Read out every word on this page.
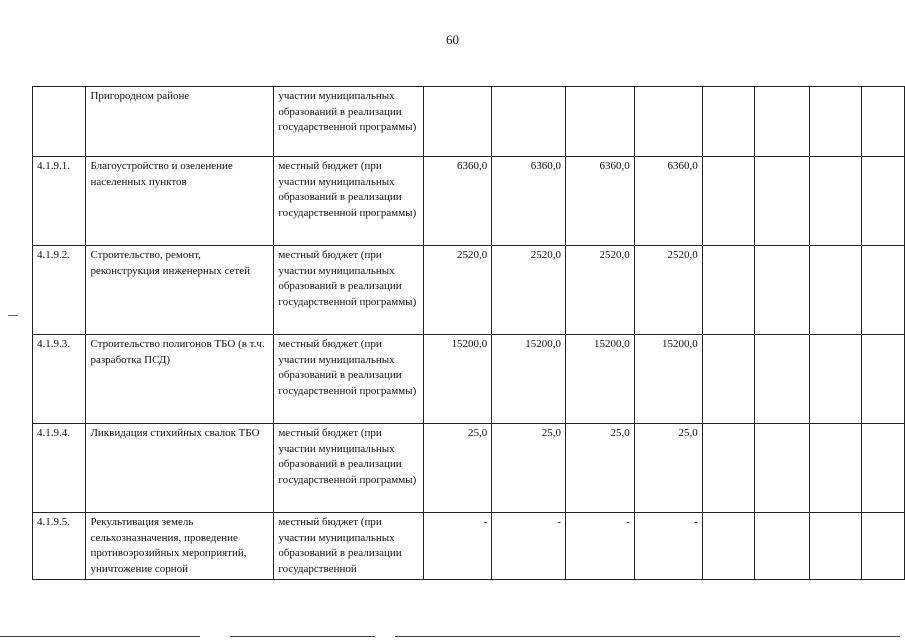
60
	Пригородном районе	участии муниципальных образований в реализации государственной программы)								
4.1.9.1.	Благоустройство и озеленение населенных пунктов	местный бюджет (при участии муниципальных образований в реализации государственной программы)	6360,0	6360,0	6360,0	6360,0				
4.1.9.2.	Строительство, ремонт, реконструкция инженерных сетей	местный бюджет (при участии муниципальных образований в реализации государственной программы)	2520,0	2520,0	2520,0	2520,0				
4.1.9.3.	Строительство полигонов ТБО (в т.ч. разработка ПСД)	местный бюджет (при участии муниципальных образований в реализации государственной программы)	15200,0	15200,0	15200,0	15200,0				
4.1.9.4.	Ликвидация стихийных свалок ТБО	местный бюджет (при участии муниципальных образований в реализации государственной программы)	25,0	25,0	25,0	25,0				
4.1.9.5.	Рекультивация земель сельхозназначения, проведение противоэрозийных мероприятий, уничтожение сорной	местный бюджет (при участии муниципальных образований в реализации государственной	-	-	-	-				
